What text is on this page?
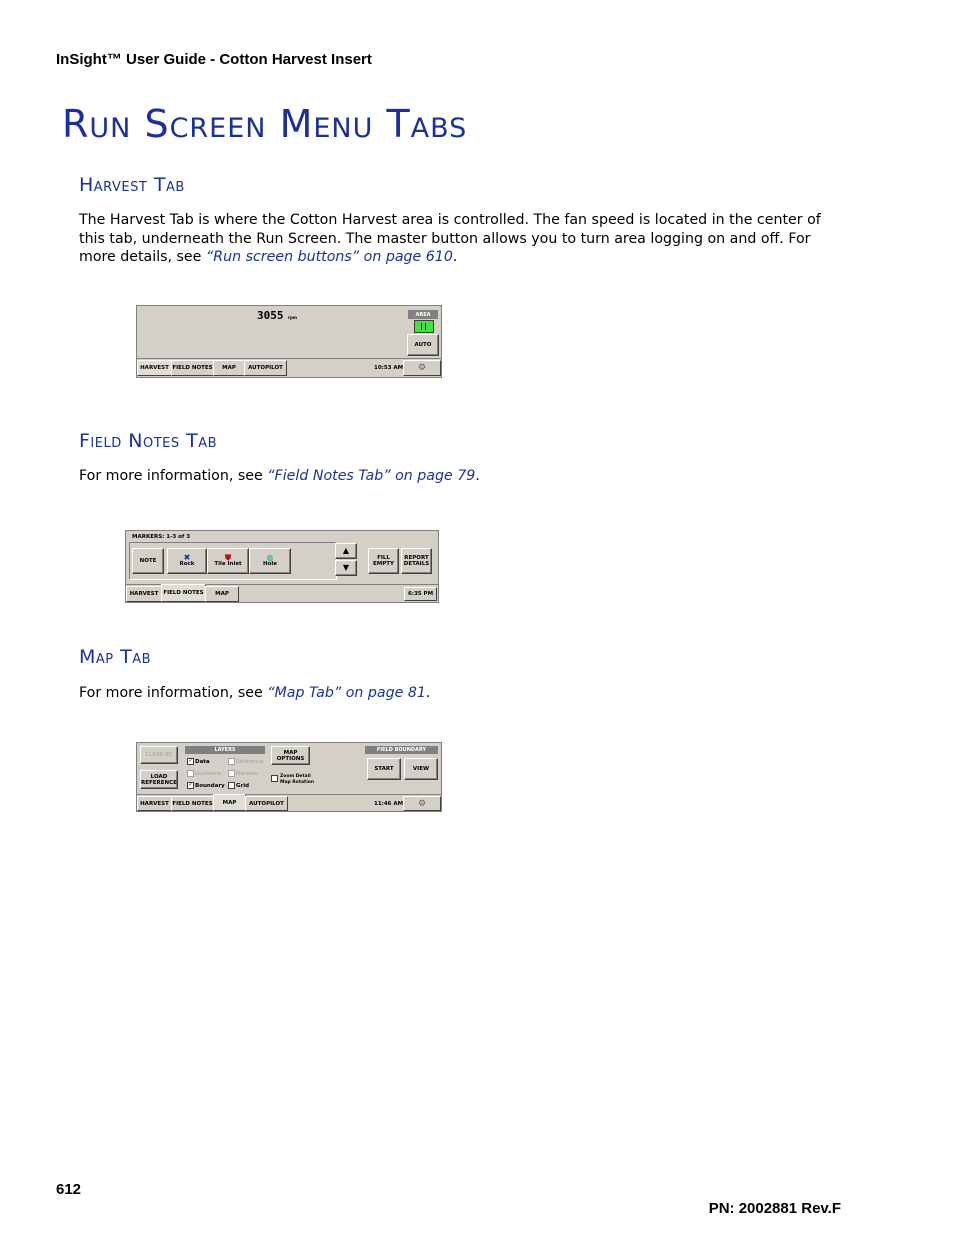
InSight™ User Guide - Cotton Harvest Insert
Run Screen Menu Tabs
Harvest Tab
The Harvest Tab is where the Cotton Harvest area is controlled. The fan speed is located in the center of this tab, underneath the Run Screen. The master button allows you to turn area logging on and off. For more details, see “Run screen buttons” on page 610.
3055 rpm	AREA
AUTO
HARVEST FIELD NOTES	MAP	AUTOPILOT	10:53 AM	⚙
Field Notes Tab
For more information, see “Field Notes Tab” on page 79.
MARKERS: 1-3 of 3
NOTE	✖
Rock
⛊
Tile Inlet
◍
Hole
▲
▼
FILL EMPTY
REPORT DETAILS
HARVEST FIELD NOTES	MAP	6:35 PM
Map Tab
For more information, see “Map Tab” on page 81.
CLEAR EC
LOAD REFERENCE
LAYERS
✓ Data	Reference
Guidance	Markers
✓ Boundary Grid
MAP OPTIONS
Zoom Detail
Map Rotation
FIELD BOUNDARY
START	VIEW
HARVEST FIELD NOTES	MAP	AUTOPILOT	11:46 AM	⚙
612
PN: 2002881 Rev.F
